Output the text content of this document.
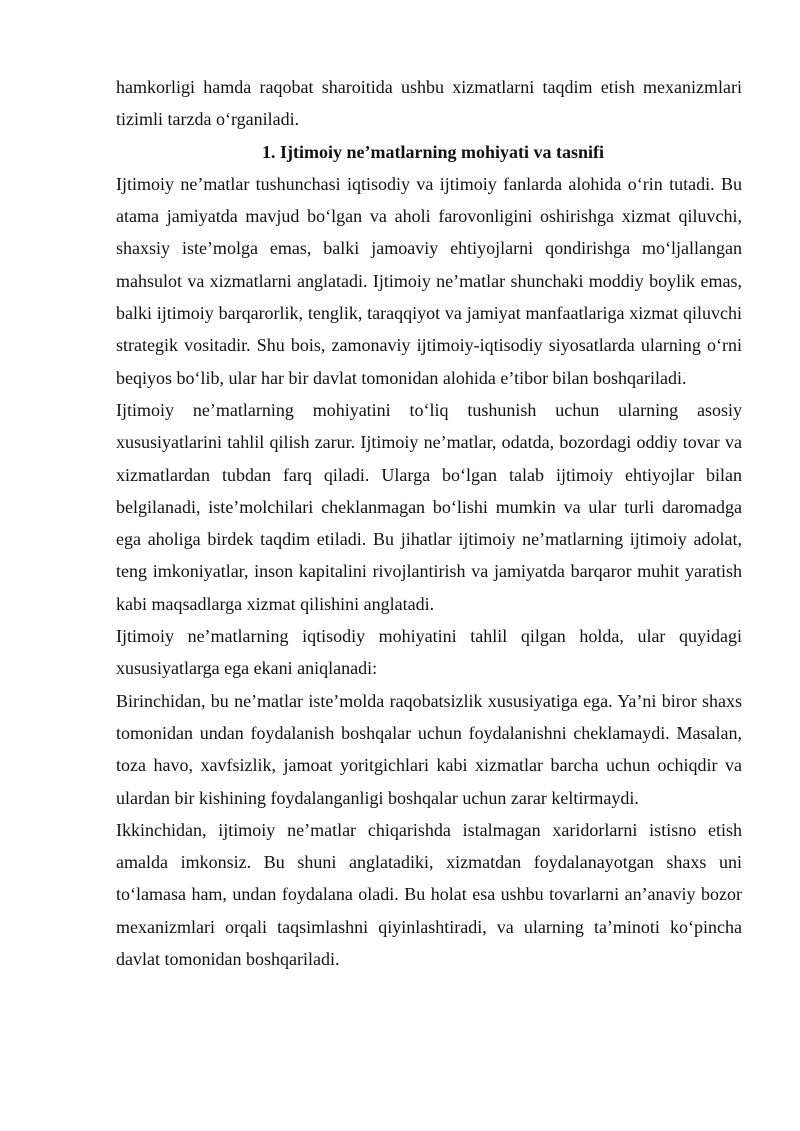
hamkorligi hamda raqobat sharoitida ushbu xizmatlarni taqdim etish mexanizmlari tizimli tarzda o‘rganiladi.

1. Ijtimoiy ne’matlarning mohiyati va tasnifi

Ijtimoiy ne’matlar tushunchasi iqtisodiy va ijtimoiy fanlarda alohida o‘rin tutadi. Bu atama jamiyatda mavjud bo‘lgan va aholi farovonligini oshirishga xizmat qiluvchi, shaxsiy iste’molga emas, balki jamoaviy ehtiyojlarni qondirishga mo‘ljallangan mahsulot va xizmatlarni anglatadi. Ijtimoiy ne’matlar shunchaki moddiy boylik emas, balki ijtimoiy barqarorlik, tenglik, taraqqiyot va jamiyat manfaatlariga xizmat qiluvchi strategik vositadir. Shu bois, zamonaviy ijtimoiy-iqtisodiy siyosatlarda ularning o‘rni beqiyos bo‘lib, ular har bir davlat tomonidan alohida e’tibor bilan boshqariladi.

Ijtimoiy ne’matlarning mohiyatini to‘liq tushunish uchun ularning asosiy xususiyatlarini tahlil qilish zarur. Ijtimoiy ne’matlar, odatda, bozordagi oddiy tovar va xizmatlardan tubdan farq qiladi. Ularga bo‘lgan talab ijtimoiy ehtiyojlar bilan belgilanadi, iste’molchilari cheklanmagan bo‘lishi mumkin va ular turli daromadga ega aholiga birdek taqdim etiladi. Bu jihatlar ijtimoiy ne’matlarning ijtimoiy adolat, teng imkoniyatlar, inson kapitalini rivojlantirish va jamiyatda barqaror muhit yaratish kabi maqsadlarga xizmat qilishini anglatadi.

Ijtimoiy ne’matlarning iqtisodiy mohiyatini tahlil qilgan holda, ular quyidagi xususiyatlarga ega ekani aniqlanadi:

Birinchidan, bu ne’matlar iste’molda raqobatsizlik xususiyatiga ega. Ya’ni biror shaxs tomonidan undan foydalanish boshqalar uchun foydalanishni cheklamaydi. Masalan, toza havo, xavfsizlik, jamoat yoritgichlari kabi xizmatlar barcha uchun ochiqdir va ulardan bir kishining foydalanganligi boshqalar uchun zarar keltirmaydi.

Ikkinchidan, ijtimoiy ne’matlar chiqarishda istalmagan xaridorlarni istisno etish amalda imkonsiz. Bu shuni anglatadiki, xizmatdan foydalanayotgan shaxs uni to‘lamasa ham, undan foydalana oladi. Bu holat esa ushbu tovarlarni an’anaviy bozor mexanizmlari orqali taqsimlashni qiyinlashtiradi, va ularning ta’minoti ko‘pincha davlat tomonidan boshqariladi.
